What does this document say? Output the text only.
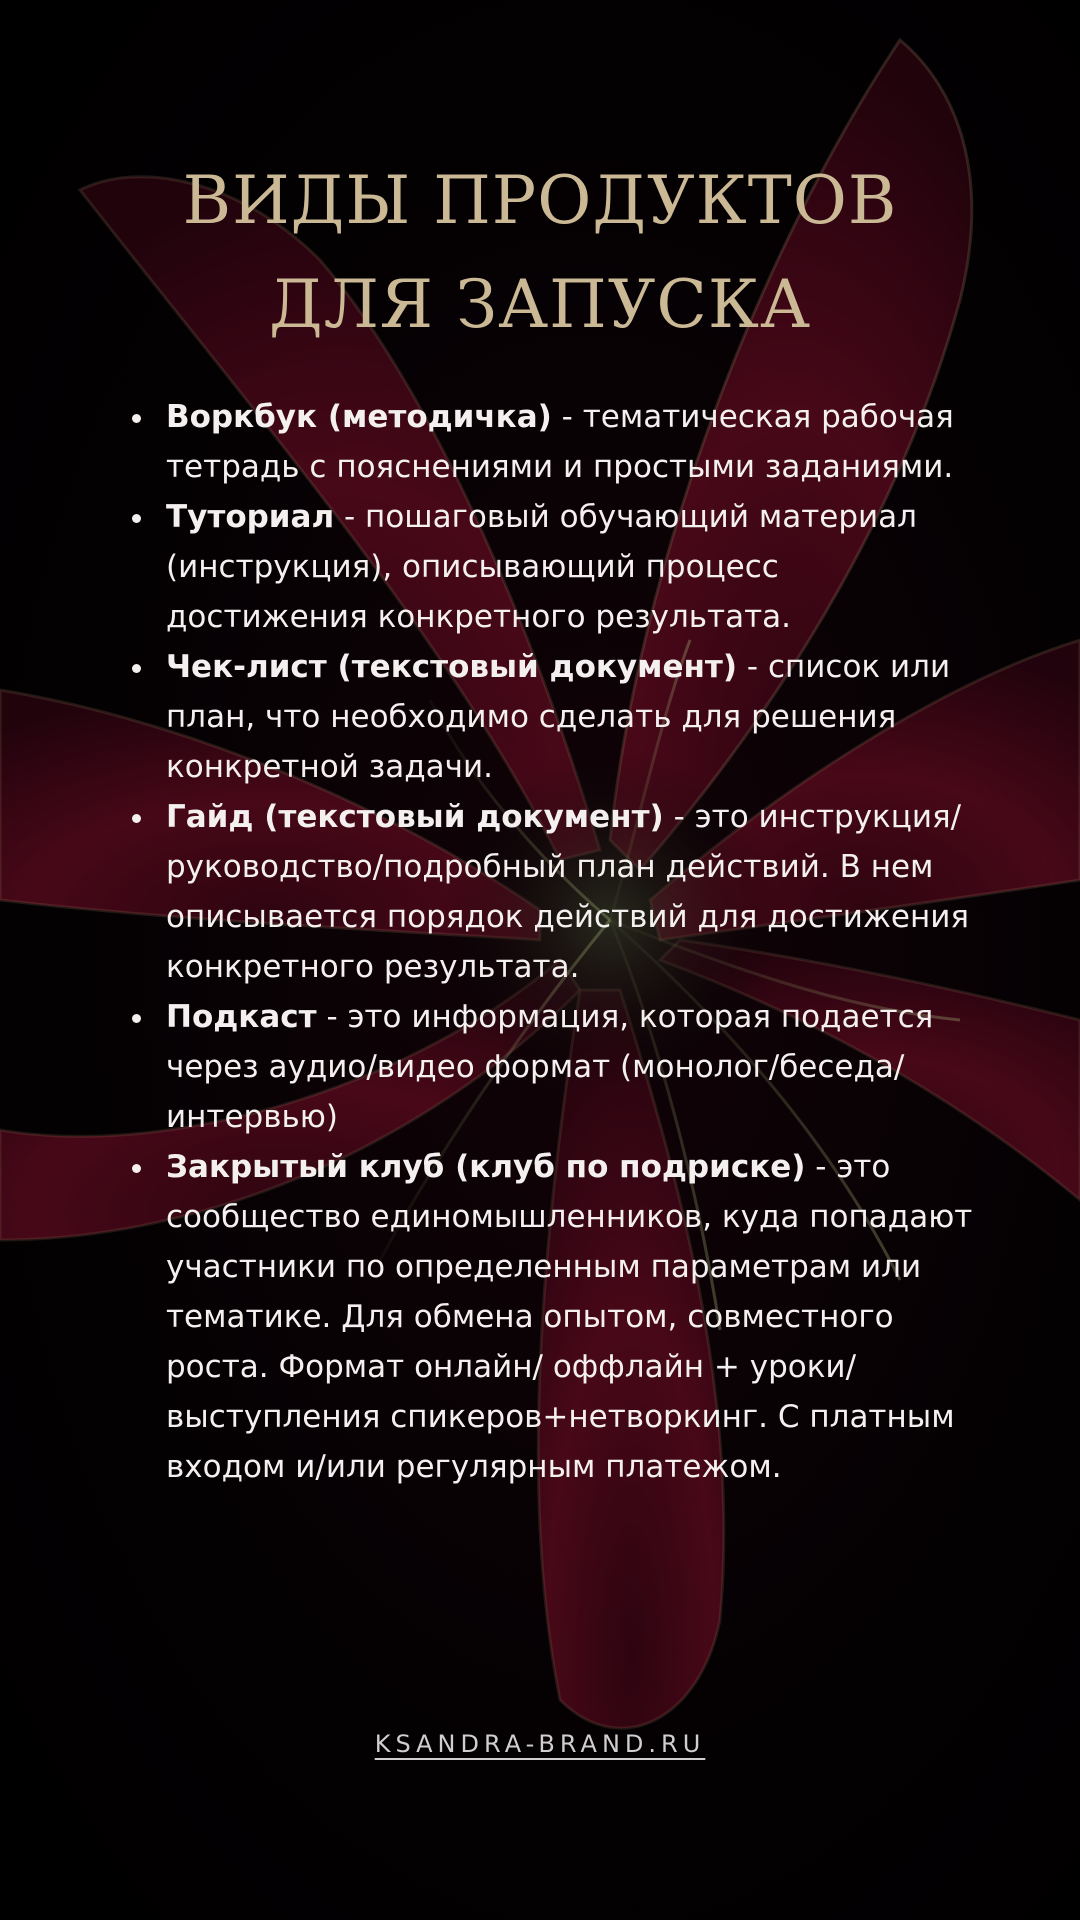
ВИДЫ ПРОДУКТОВ
ДЛЯ ЗАПУСКА
Воркбук (методичка) - тематическая рабочая тетрадь с пояснениями и простыми заданиями.
Туториал - пошаговый обучающий материал (инструкция), описывающий процесс достижения конкретного результата.
Чек-лист (текстовый документ) - список или план, что необходимо сделать для решения конкретной задачи.
Гайд (текстовый документ) - это инструкция/ руководство/подробный план действий. В нем описывается порядок действий для достижения конкретного результата.
Подкаст - это информация, которая подается через аудио/видео формат (монолог/беседа/ интервью)
Закрытый клуб (клуб по подриске) - это сообщество единомышленников, куда попадают участники по определенным параметрам или тематике. Для обмена опытом, совместного роста. Формат онлайн/ оффлайн + уроки/выступления спикеров+нетворкинг. С платным входом и/или регулярным платежом.
KSANDRA-BRAND.RU
